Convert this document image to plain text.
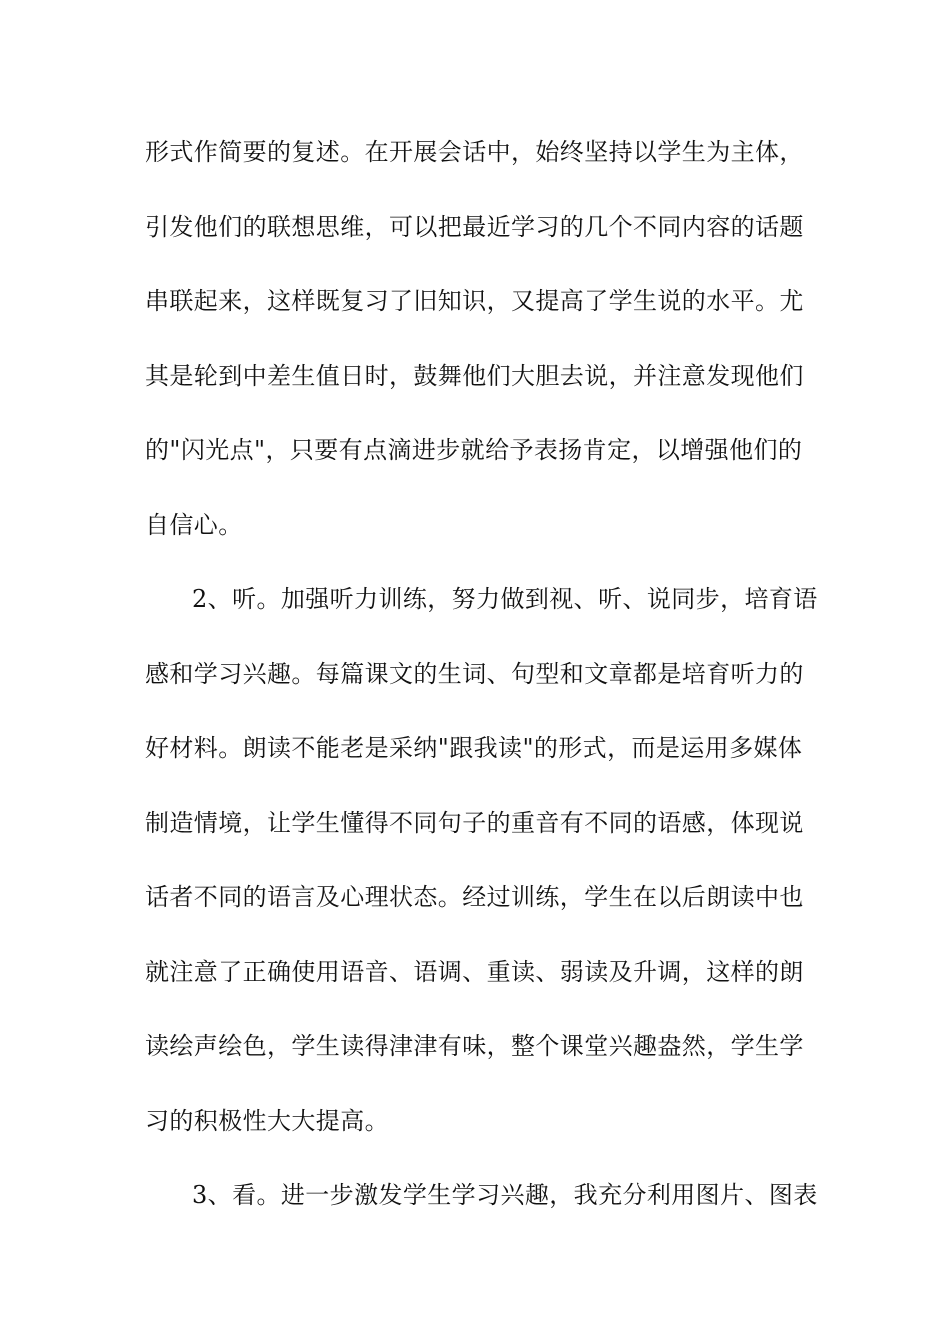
形式作简要的复述。在开展会话中，始终坚持以学生为主体，
引发他们的联想思维，可以把最近学习的几个不同内容的话题
串联起来，这样既复习了旧知识，又提高了学生说的水平。尤
其是轮到中差生值日时，鼓舞他们大胆去说，并注意发现他们
的"闪光点"，只要有点滴进步就给予表扬肯定，以增强他们的
自信心。
2、听。加强听力训练，努力做到视、听、说同步，培育语
感和学习兴趣。每篇课文的生词、句型和文章都是培育听力的
好材料。朗读不能老是采纳"跟我读"的形式，而是运用多媒体
制造情境，让学生懂得不同句子的重音有不同的语感，体现说
话者不同的语言及心理状态。经过训练，学生在以后朗读中也
就注意了正确使用语音、语调、重读、弱读及升调，这样的朗
读绘声绘色，学生读得津津有味，整个课堂兴趣盎然，学生学
习的积极性大大提高。
3、看。进一步激发学生学习兴趣，我充分利用图片、图表
